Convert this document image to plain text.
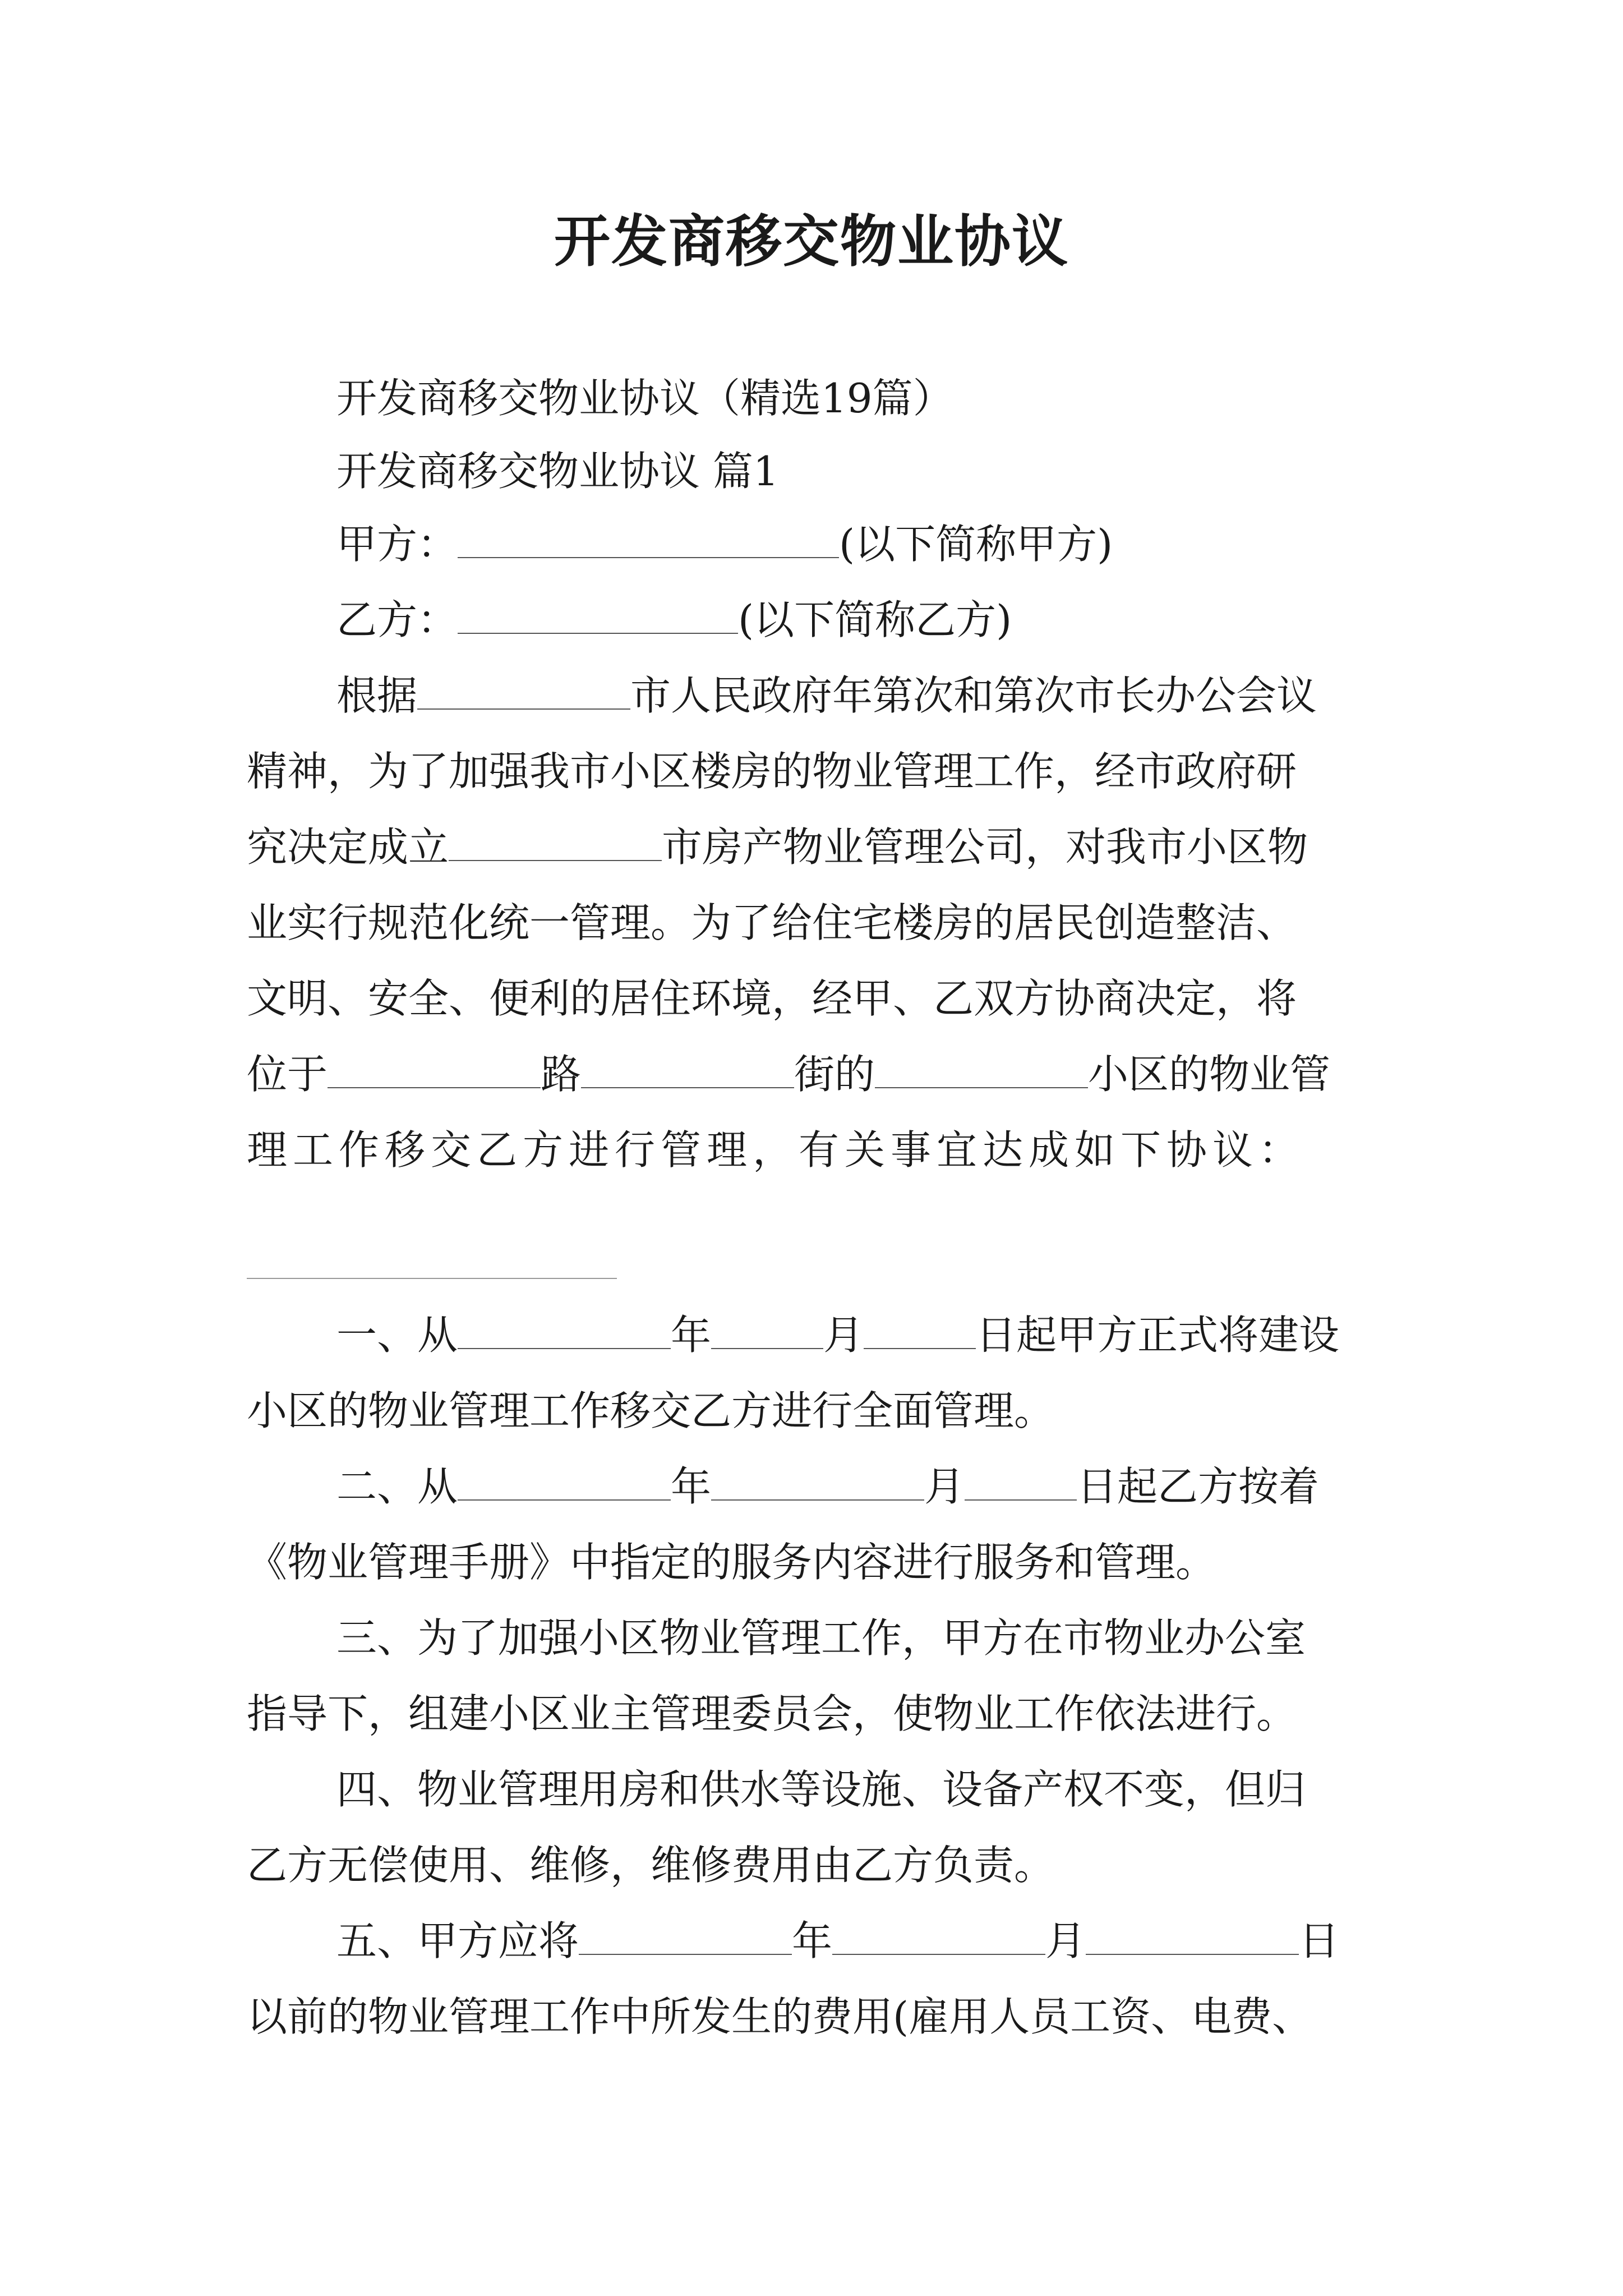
开发商移交物业协议
开发商移交物业协议（精选19篇）
开发商移交物业协议 篇1
甲方：	(以下简称甲方)
乙方：	(以下简称乙方)
根据	市人民政府年第次和第次市长办公会议
精神，为了加强我市小区楼房的物业管理工作，经市政府研
究决定成立	市房产物业管理公司，对我市小区物
业实行规范化统一管理。为了给住宅楼房的居民创造整洁、
文明、安全、便利的居住环境，经甲、乙双方协商决定，将
位于	路	街的	小区的物业管
理工作移交乙方进行管理，有关事宜达成如下协议：
一、从	年	月	日起甲方正式将建设
小区的物业管理工作移交乙方进行全面管理。
二、从	年	月	日起乙方按着
《物业管理手册》中指定的服务内容进行服务和管理。
三、为了加强小区物业管理工作，甲方在市物业办公室
指导下，组建小区业主管理委员会，使物业工作依法进行。
四、物业管理用房和供水等设施、设备产权不变，但归
乙方无偿使用、维修，维修费用由乙方负责。
五、甲方应将	年	月	日
以前的物业管理工作中所发生的费用(雇用人员工资、电费、
